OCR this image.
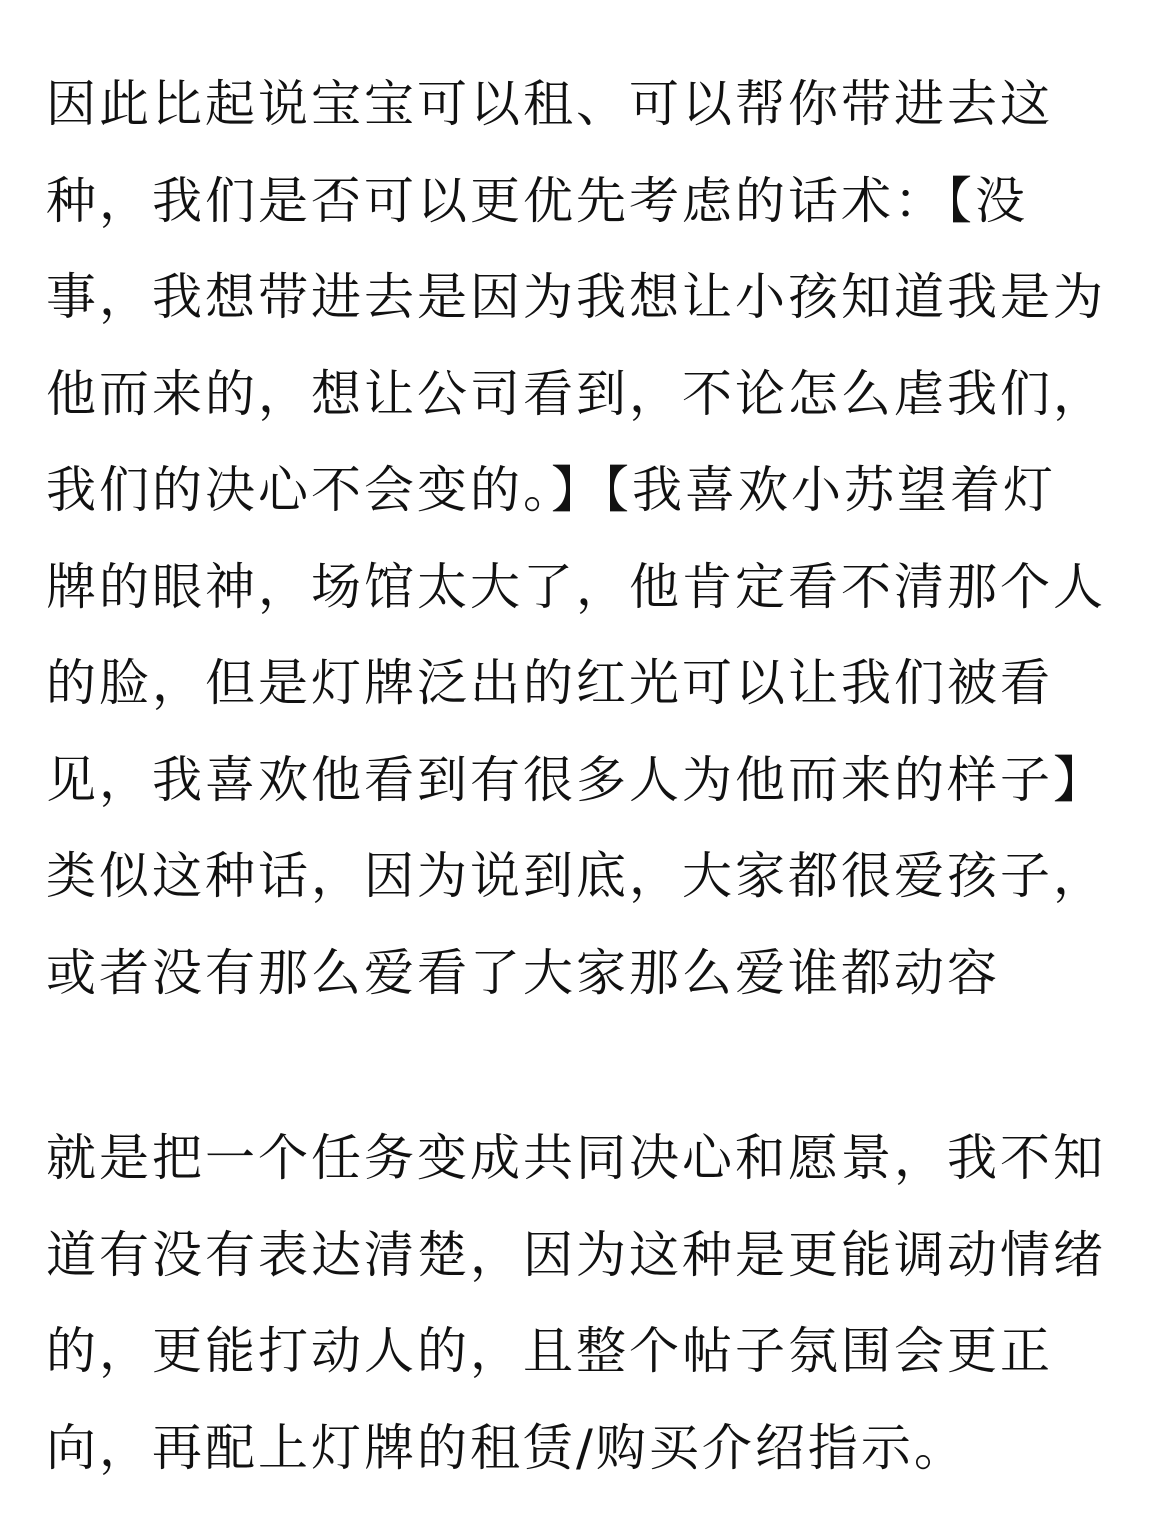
因此比起说宝宝可以租、可以帮你带进去这
种，我们是否可以更优先考虑的话术：【没
事，我想带进去是因为我想让小孩知道我是为
他而来的，想让公司看到，不论怎么虐我们，
我们的决心不会变的。】【我喜欢小苏望着灯
牌的眼神，场馆太大了，他肯定看不清那个人
的脸，但是灯牌泛出的红光可以让我们被看
见，我喜欢他看到有很多人为他而来的样子】
类似这种话，因为说到底，大家都很爱孩子，
或者没有那么爱看了大家那么爱谁都动容

就是把一个任务变成共同决心和愿景，我不知
道有没有表达清楚，因为这种是更能调动情绪
的，更能打动人的，且整个帖子氛围会更正
向，再配上灯牌的租赁/购买介绍指示。
